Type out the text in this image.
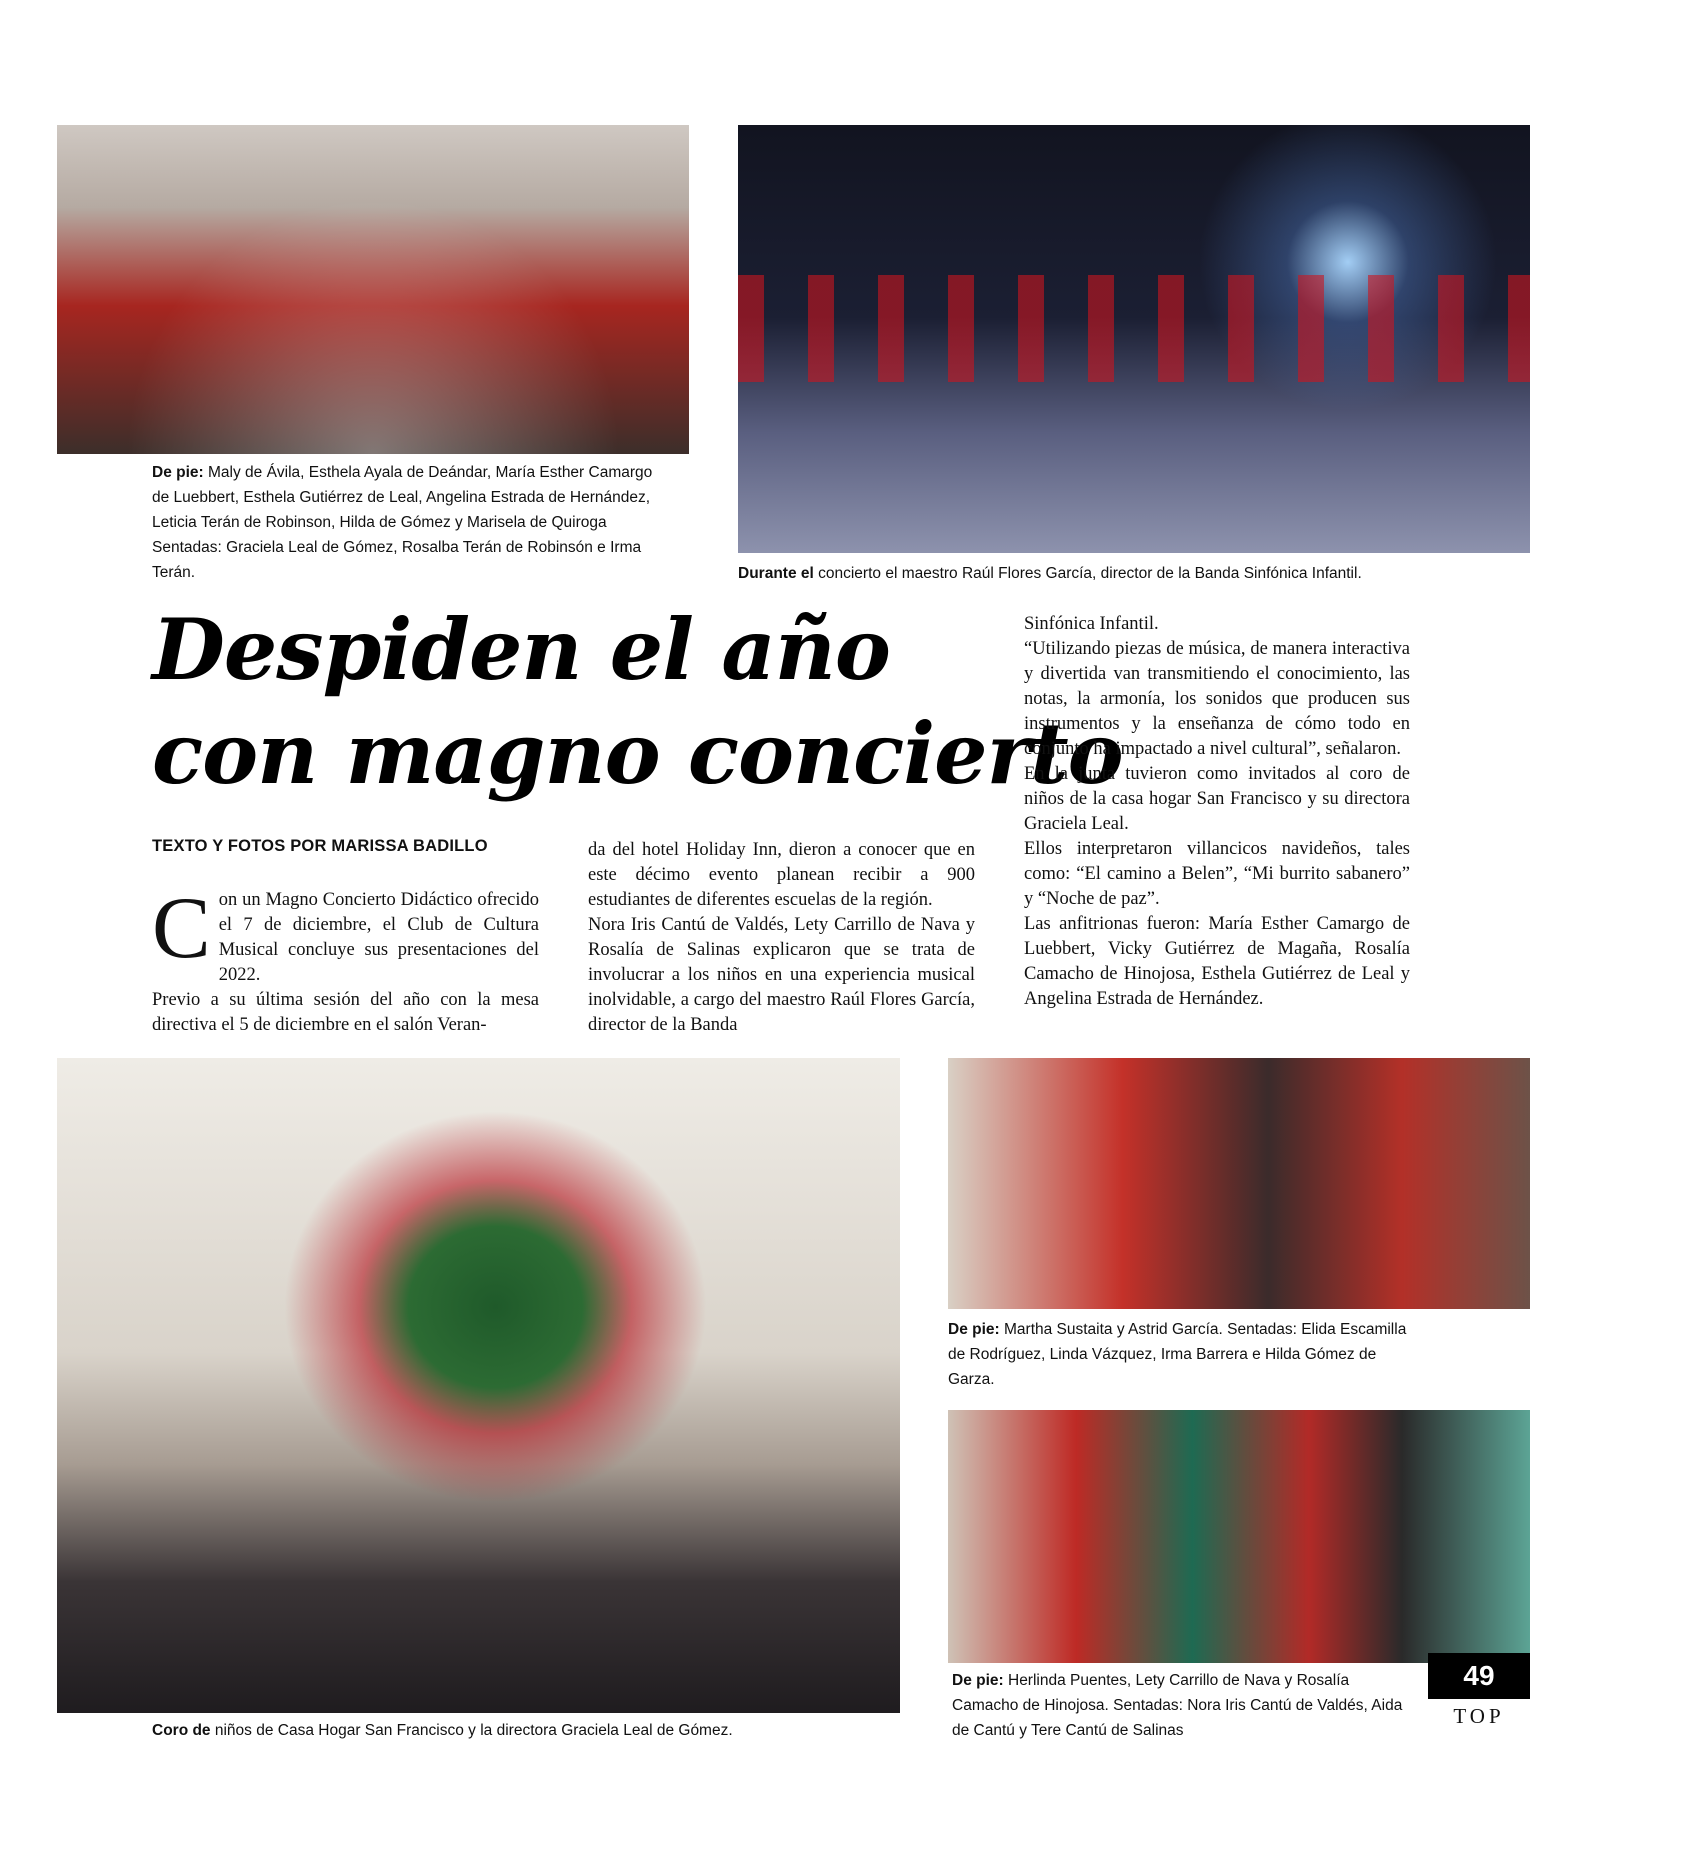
De pie: Maly de Ávila, Esthela Ayala de Deándar, María Esther Camargo de Luebbert, Esthela Gutiérrez de Leal, Angelina Estrada de Hernández, Leticia Terán de Robinson, Hilda de Gómez y Marisela de Quiroga Sentadas: Graciela Leal de Gómez, Rosalba Terán de Robinsón e Irma Terán.	Durante el concierto el maestro Raúl Flores García, director de la Banda Sinfónica Infantil.

Coro de niños de Casa Hogar San Francisco y la directora Graciela Leal de Gómez.

De pie: Martha Sustaita y Astrid García. Sentadas: Elida Escamilla de Rodríguez, Linda Vázquez, Irma Barrera e Hilda Gómez de Garza.

De pie: Herlinda Puentes, Lety Carrillo de Nava y Rosalía Camacho de Hinojosa. Sentadas: Nora Iris Cantú de Valdés, Aida de Cantú y Tere Cantú de Salinas

Despiden el año
con magno concierto

TEXTO Y FOTOS POR MARISSA BADILLO

Con un Magno Concierto Didáctico ofrecido el 7 de diciembre, el Club de Cultura Musical concluye sus presentaciones del 2022.

Previo a su última sesión del año con la mesa directiva el 5 de diciembre en el salón Veran-

da del hotel Holiday Inn, dieron a conocer que en este décimo evento planean recibir a 900 estudiantes de diferentes escuelas de la región.

Nora Iris Cantú de Valdés, Lety Carrillo de Nava y Rosalía de Salinas explicaron que se trata de involucrar a los niños en una experiencia musical inolvidable, a cargo del maestro Raúl Flores García, director de la Banda

Sinfónica Infantil.

“Utilizando piezas de música, de manera interactiva y divertida van transmitiendo el conocimiento, las notas, la armonía, los sonidos que producen sus instrumentos y la enseñanza de cómo todo en conjunto ha impactado a nivel cultural”, señalaron.

En la junta tuvieron como invitados al coro de niños de la casa hogar San Francisco y su directora Graciela Leal.

Ellos interpretaron villancicos navideños, tales como: “El camino a Belen”, “Mi burrito sabanero” y “Noche de paz”.

Las anfitrionas fueron: María Esther Camargo de Luebbert, Vicky Gutiérrez de Magaña, Rosalía Camacho de Hinojosa, Esthela Gutiérrez de Leal y Angelina Estrada de Hernández.

49

TOP
